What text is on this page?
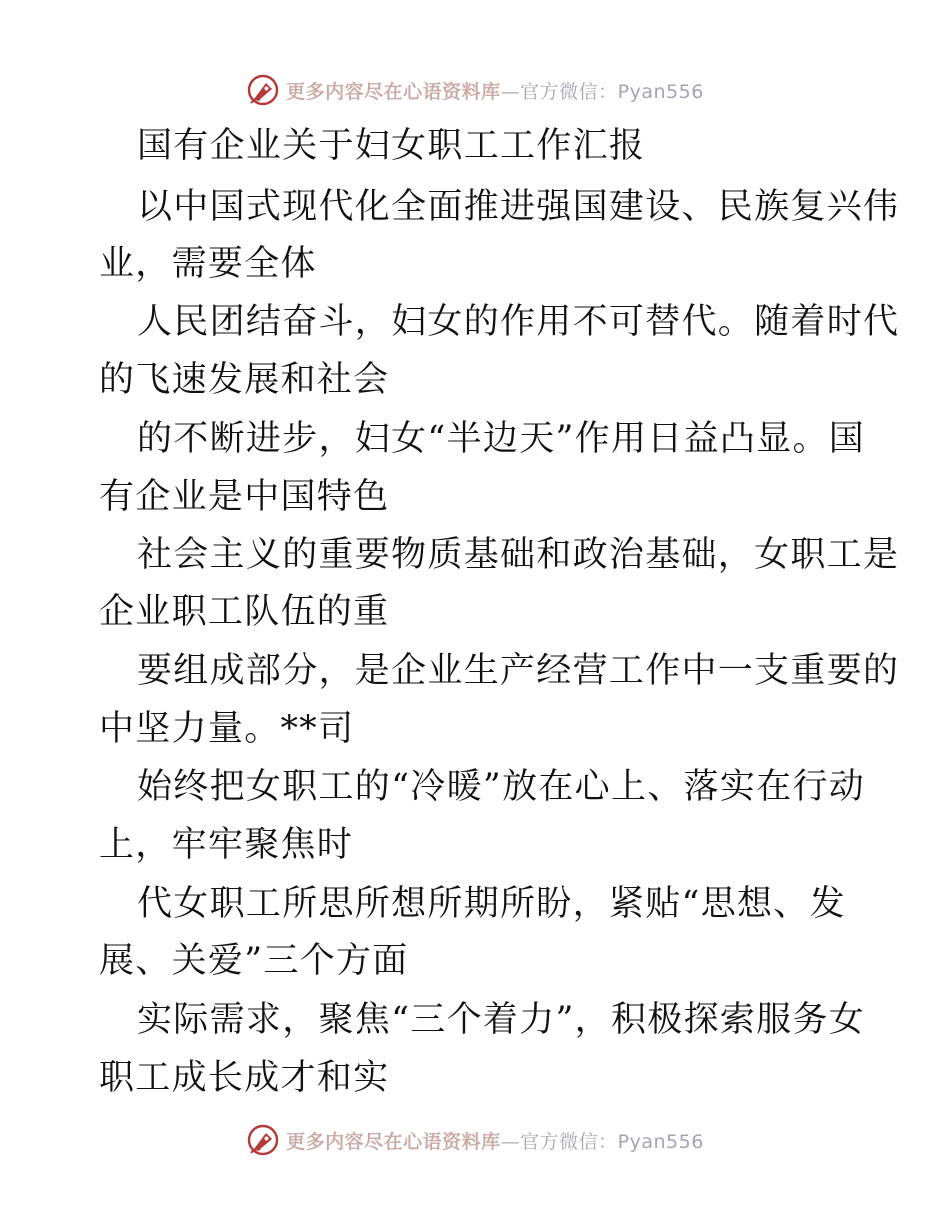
更多内容尽在心语资料库—官方微信：Pyan556
国有企业关于妇女职工工作汇报
以中国式现代化全面推进强国建设、民族复兴伟
业，需要全体
人民团结奋斗，妇女的作用不可替代。随着时代
的飞速发展和社会
的不断进步，妇女“半边天”作用日益凸显。国
有企业是中国特色
社会主义的重要物质基础和政治基础，女职工是
企业职工队伍的重
要组成部分，是企业生产经营工作中一支重要的
中坚力量。**司
始终把女职工的“冷暖”放在心上、落实在行动
上，牢牢聚焦时
代女职工所思所想所期所盼，紧贴“思想、发
展、关爱”三个方面
实际需求，聚焦“三个着力”，积极探索服务女
职工成长成才和实
更多内容尽在心语资料库—官方微信：Pyan556
